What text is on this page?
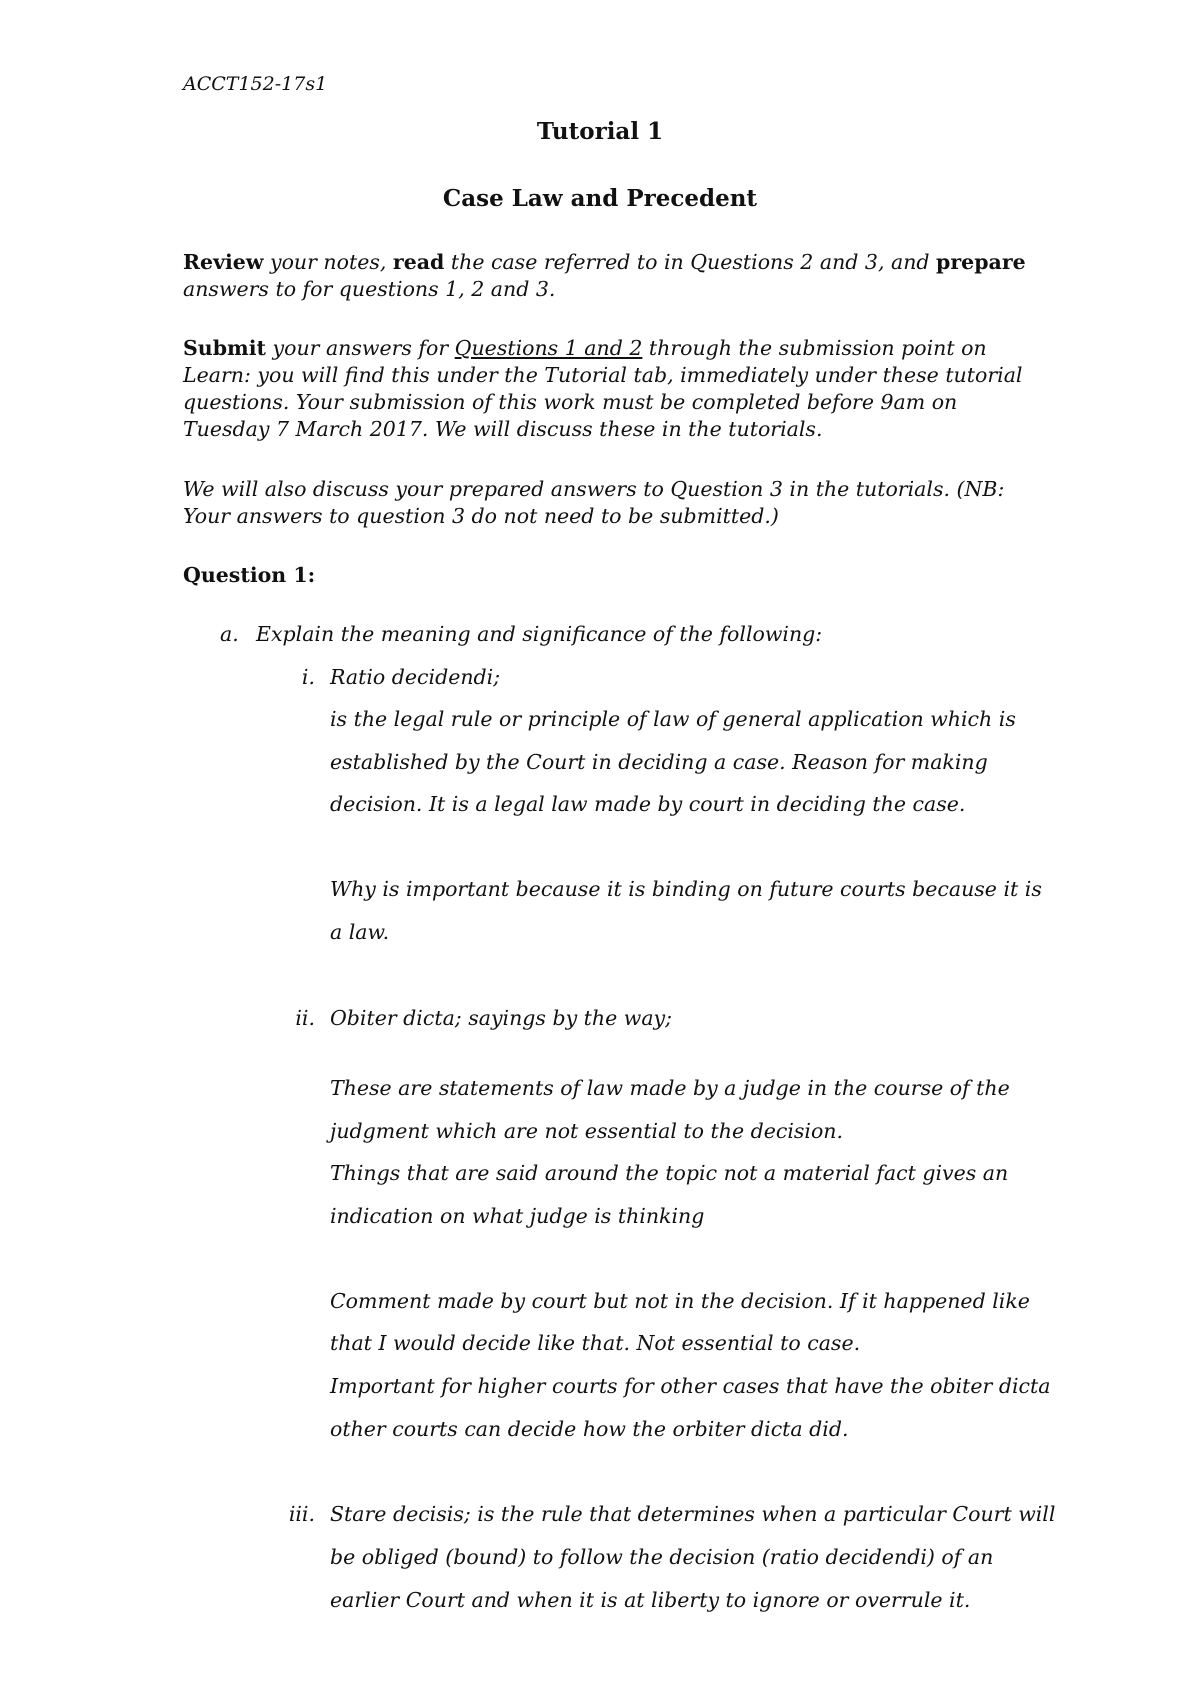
ACCT152-17s1
Tutorial 1
Case Law and Precedent
Review your notes, read the case referred to in Questions 2 and 3, and prepare answers to for questions 1, 2 and 3.
Submit your answers for Questions 1 and 2 through the submission point on Learn: you will find this under the Tutorial tab, immediately under these tutorial questions. Your submission of this work must be completed before 9am on Tuesday 7 March 2017. We will discuss these in the tutorials.
We will also discuss your prepared answers to Question 3 in the tutorials. (NB: Your answers to question 3 do not need to be submitted.)
Question 1:
a. Explain the meaning and significance of the following:
i. Ratio decidendi;
is the legal rule or principle of law of general application which is
established by the Court in deciding a case. Reason for making
decision. It is a legal law made by court in deciding the case.
Why is important because it is binding on future courts because it is
a law.
ii. Obiter dicta; sayings by the way;
These are statements of law made by a judge in the course of the
judgment which are not essential to the decision.
Things that are said around the topic not a material fact gives an
indication on what judge is thinking
Comment made by court but not in the decision. If it happened like
that I would decide like that. Not essential to case.
Important for higher courts for other cases that have the obiter dicta
other courts can decide how the orbiter dicta did.
iii. Stare decisis; is the rule that determines when a particular Court will
be obliged (bound) to follow the decision (ratio decidendi) of an
earlier Court and when it is at liberty to ignore or overrule it.
